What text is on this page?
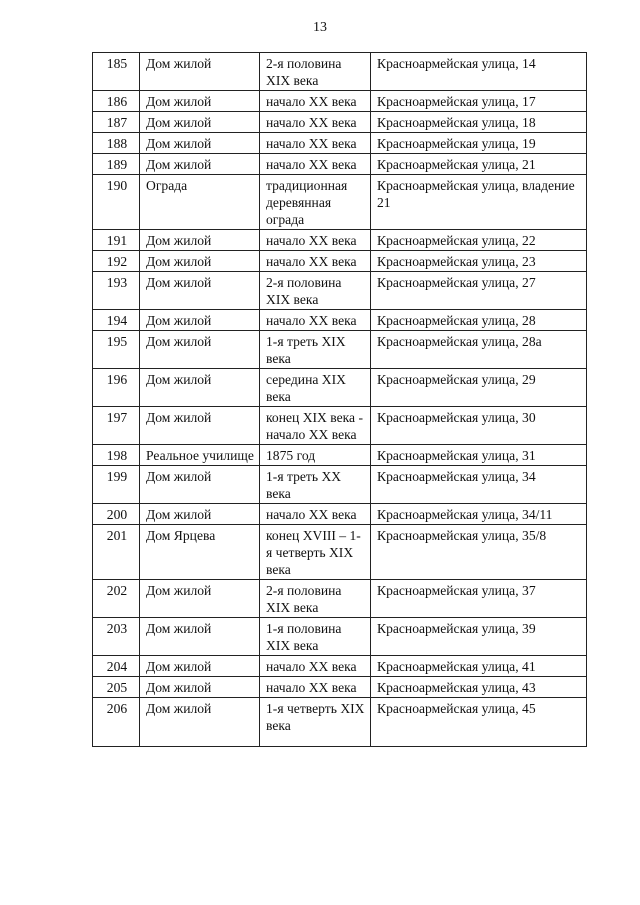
13
185	Дом жилой	2-я половина XIX века	Красноармейская улица, 14
186	Дом жилой	начало XX века	Красноармейская улица, 17
187	Дом жилой	начало XX века	Красноармейская улица, 18
188	Дом жилой	начало XX века	Красноармейская улица, 19
189	Дом жилой	начало XX века	Красноармейская улица, 21
190	Ограда	традиционная деревянная ограда	Красноармейская улица, владение 21
191	Дом жилой	начало XX века	Красноармейская улица, 22
192	Дом жилой	начало XX века	Красноармейская улица, 23
193	Дом жилой	2-я половина XIX века	Красноармейская улица, 27
194	Дом жилой	начало XX века	Красноармейская улица, 28
195	Дом жилой	1-я треть XIX века	Красноармейская улица, 28а
196	Дом жилой	середина XIX века	Красноармейская улица, 29
197	Дом жилой	конец XIX века - начало XX века	Красноармейская улица, 30
198	Реальное училище	1875 год	Красноармейская улица, 31
199	Дом жилой	1-я треть XX века	Красноармейская улица, 34
200	Дом жилой	начало XX века	Красноармейская улица, 34/11
201	Дом Ярцева	конец XVIII – 1-я четверть XIX века	Красноармейская улица, 35/8
202	Дом жилой	2-я половина XIX века	Красноармейская улица, 37
203	Дом жилой	1-я половина XIX века	Красноармейская улица, 39
204	Дом жилой	начало XX века	Красноармейская улица, 41
205	Дом жилой	начало XX века	Красноармейская улица, 43
206	Дом жилой	1-я четверть XIX века	Красноармейская улица, 45
